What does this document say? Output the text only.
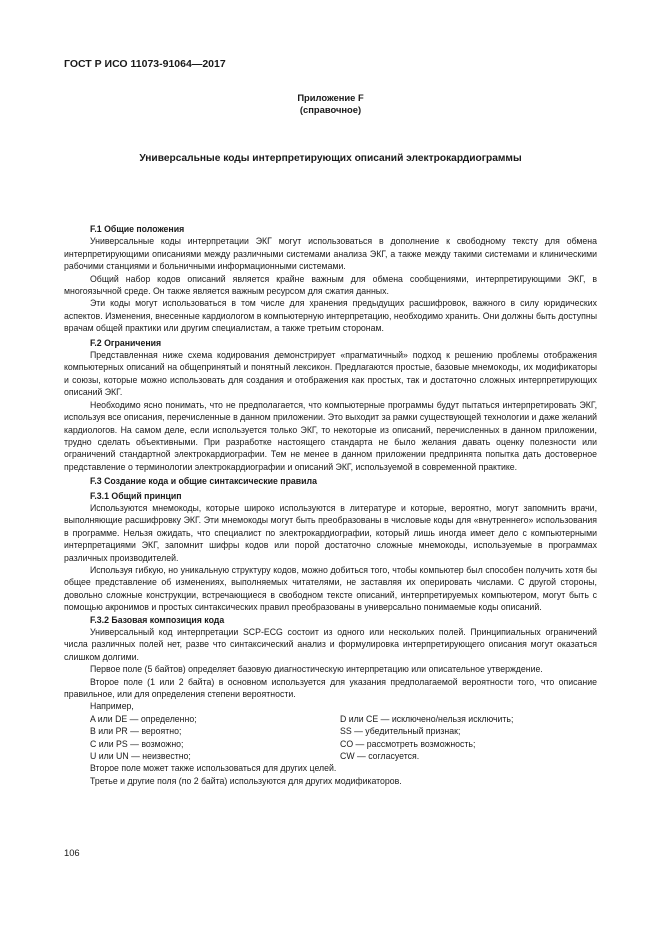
ГОСТ Р ИСО 11073-91064—2017
Приложение F
(справочное)
Универсальные коды интерпретирующих описаний электрокардиограммы

F.1 Общие положения

Универсальные коды интерпретации ЭКГ могут использоваться в дополнение к свободному тексту для обмена интерпретирующими описаниями между различными системами анализа ЭКГ, а также между такими системами и клиническими рабочими станциями и больничными информационными системами.

Общий набор кодов описаний является крайне важным для обмена сообщениями, интерпретирующими ЭКГ, в многоязычной среде. Он также является важным ресурсом для сжатия данных.

Эти коды могут использоваться в том числе для хранения предыдущих расшифровок, важного в силу юридических аспектов. Изменения, внесенные кардиологом в компьютерную интерпретацию, необходимо хранить. Они должны быть доступны врачам общей практики или другим специалистам, а также третьим сторонам.

F.2 Ограничения

Представленная ниже схема кодирования демонстрирует «прагматичный» подход к решению проблемы отображения компьютерных описаний на общепринятый и понятный лексикон. Предлагаются простые, базовые мнемокоды, их модификаторы и союзы, которые можно использовать для создания и отображения как простых, так и достаточно сложных интерпретирующих описаний ЭКГ.

Необходимо ясно понимать, что не предполагается, что компьютерные программы будут пытаться интерпретировать ЭКГ, используя все описания, перечисленные в данном приложении. Это выходит за рамки существующей технологии и даже желаний кардиологов. На самом деле, если используется только ЭКГ, то некоторые из описаний, перечисленных в данном приложении, трудно сделать объективными. При разработке настоящего стандарта не было желания давать оценку полезности или ограничений стандартной электрокардиографии. Тем не менее в данном приложении предпринята попытка дать достоверное представление о терминологии электрокардиографии и описаний ЭКГ, используемой в современной практике.

F.3 Создание кода и общие синтаксические правила

F.3.1 Общий принцип

Используются мнемокоды, которые широко используются в литературе и которые, вероятно, могут запомнить врачи, выполняющие расшифровку ЭКГ. Эти мнемокоды могут быть преобразованы в числовые коды для «внутреннего» использования в программе. Нельзя ожидать, что специалист по электрокардиографии, который лишь иногда имеет дело с компьютерными интерпретациями ЭКГ, запомнит шифры кодов или порой достаточно сложные мнемокоды, используемые в программах различных производителей.

Используя гибкую, но уникальную структуру кодов, можно добиться того, чтобы компьютер был способен получить хотя бы общее представление об изменениях, выполняемых читателями, не заставляя их оперировать числами. С другой стороны, довольно сложные конструкции, встречающиеся в свободном тексте описаний, интерпретируемых компьютером, могут быть с помощью акронимов и простых синтаксических правил преобразованы в универсально понимаемые коды описаний.

F.3.2 Базовая композиция кода

Универсальный код интерпретации SCP-ECG состоит из одного или нескольких полей. Принципиальных ограничений числа различных полей нет, разве что синтаксический анализ и формулировка интерпретирующего описания могут оказаться слишком долгими.

Первое поле (5 байтов) определяет базовую диагностическую интерпретацию или описательное утверждение.

Второе поле (1 или 2 байта) в основном используется для указания предполагаемой вероятности того, что описание правильное, или для определения степени вероятности.

Например,

A или DE — определенно;
B или PR — вероятно;
C или PS — возможно;
U или UN — неизвестно;
D или CE — исключено/нельзя исключить;
SS — убедительный признак;
CO — рассмотреть возможность;
CW — согласуется.

Второе поле может также использоваться для других целей.

Третье и другие поля (по 2 байта) используются для других модификаторов.

106
